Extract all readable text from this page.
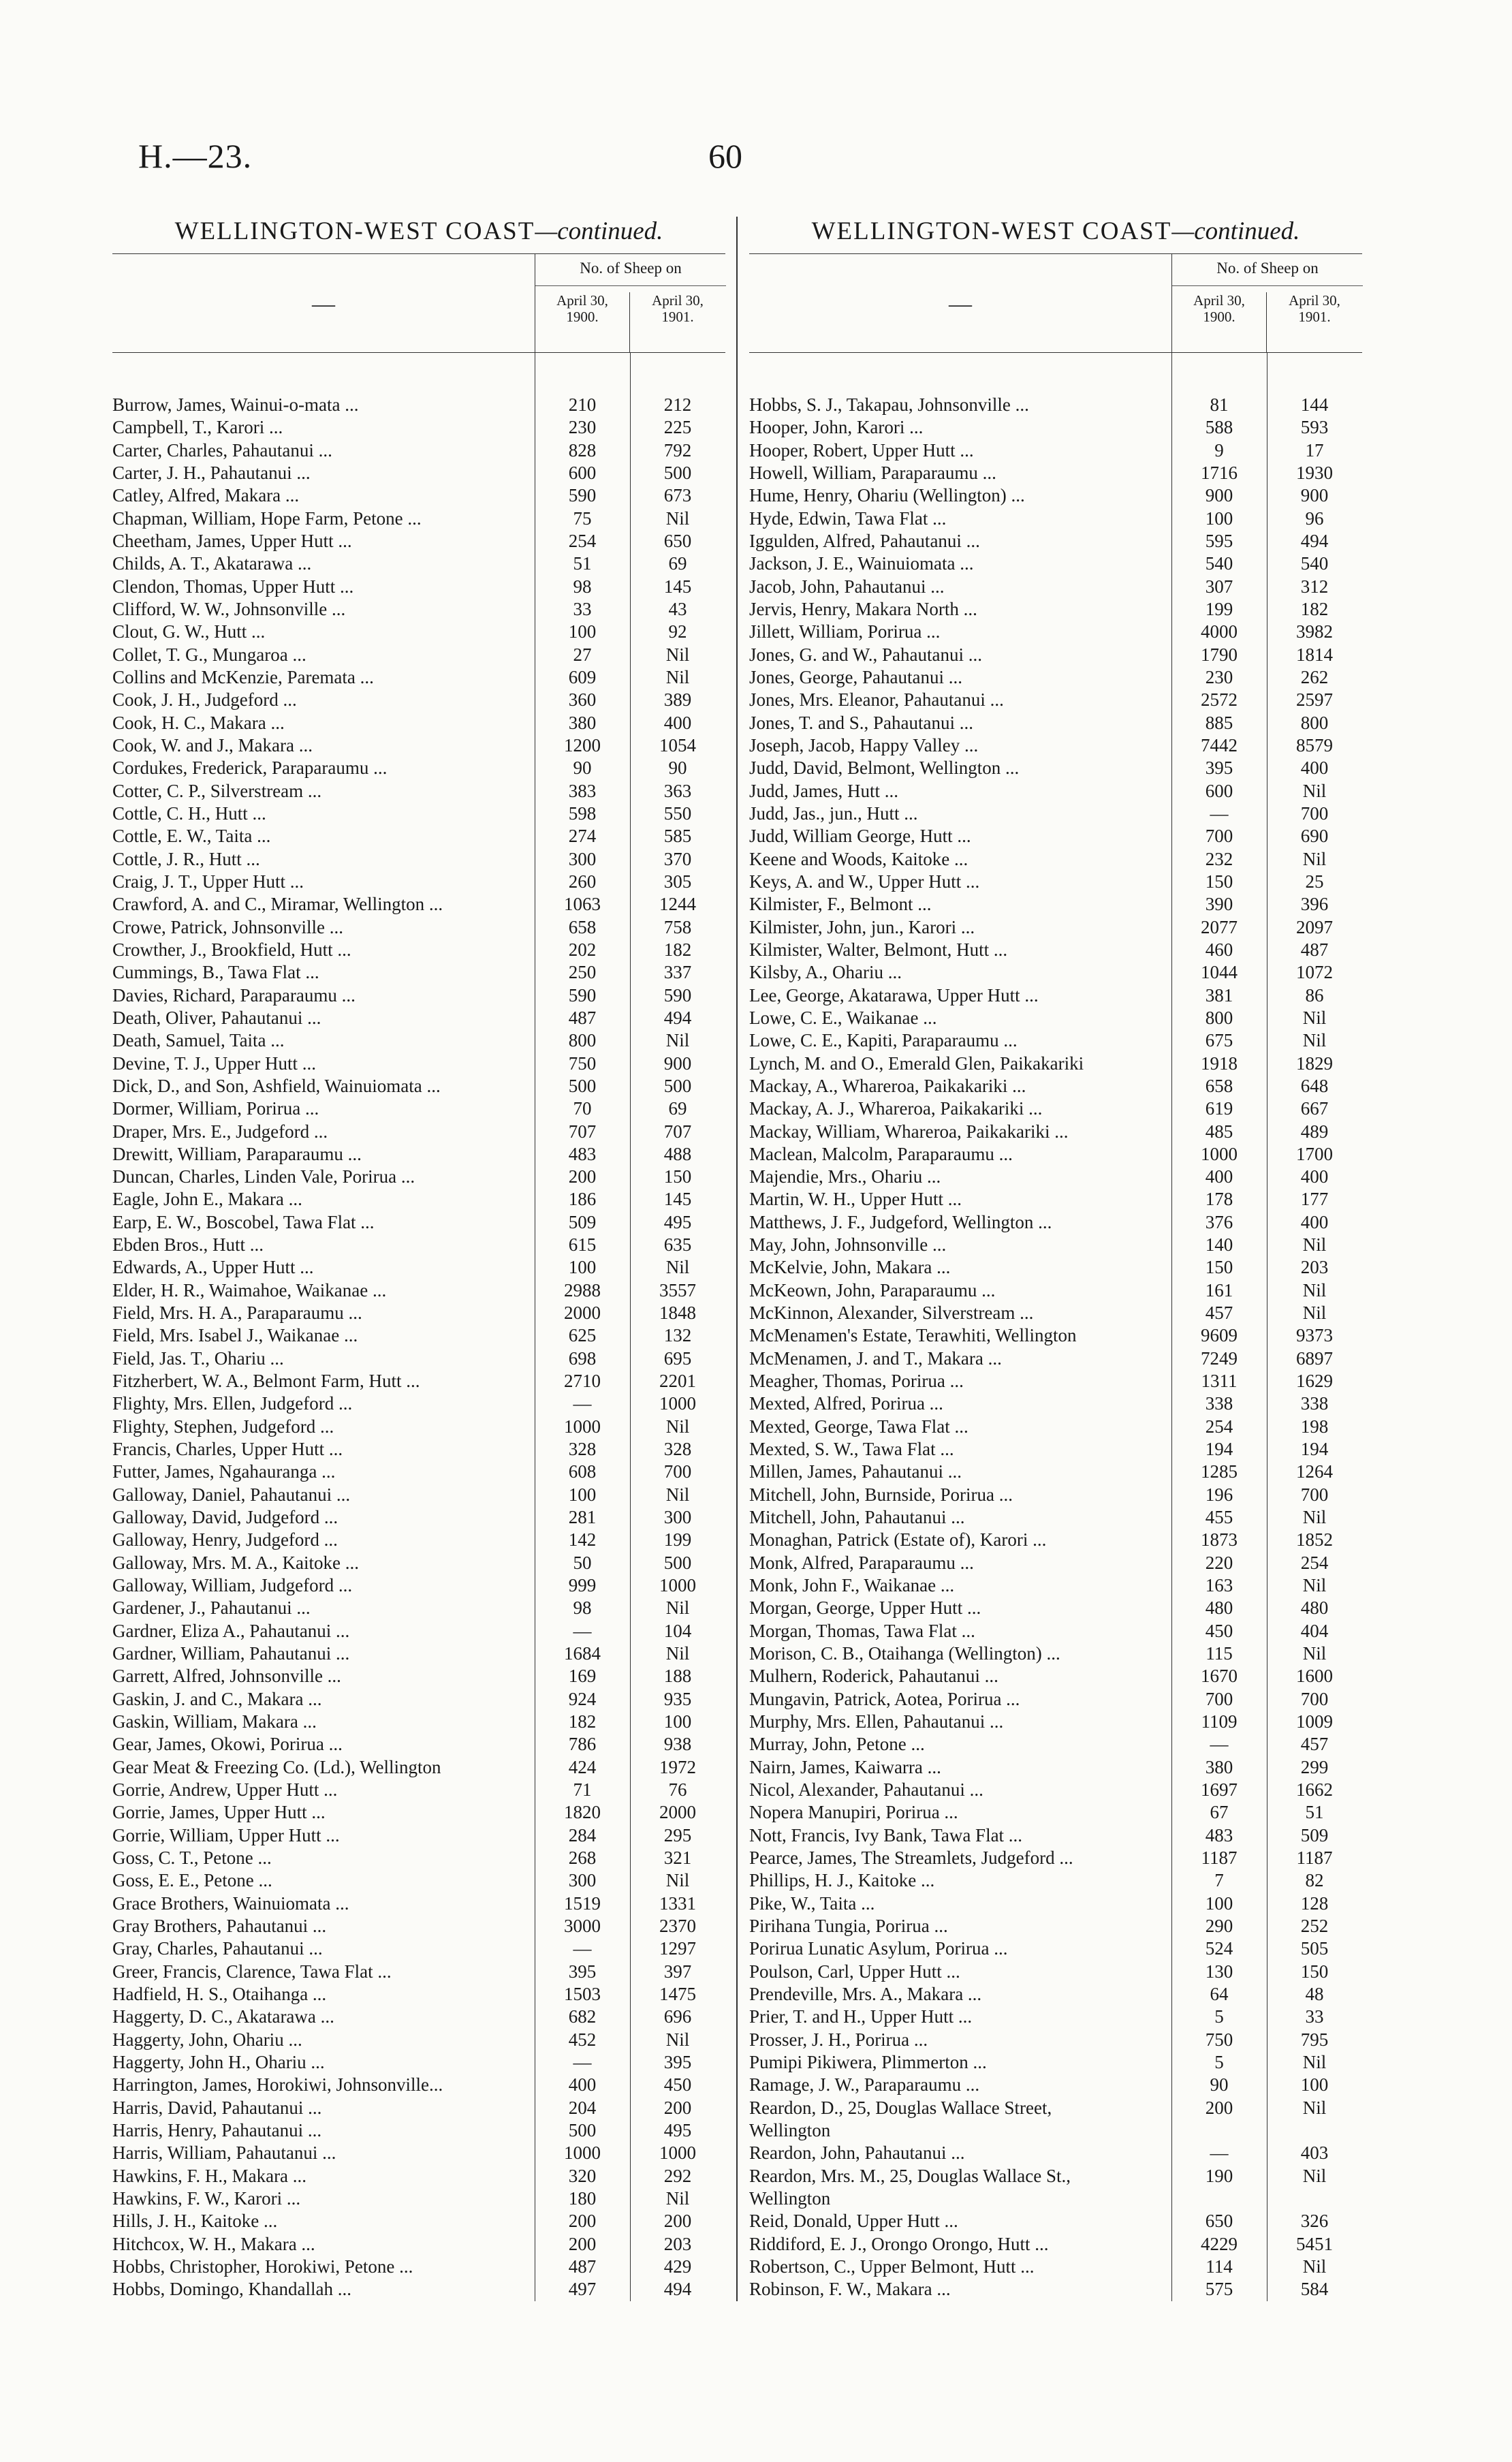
H.—23.	60
WELLINGTON-WEST COAST—continued.
—
No. of Sheep on
April 30,
1900.
April 30,
1901.
Burrow, James, Wainui-o-mata ...	210	212
Campbell, T., Karori ...	230	225
Carter, Charles, Pahautanui ...	828	792
Carter, J. H., Pahautanui ...	600	500
Catley, Alfred, Makara ...	590	673
Chapman, William, Hope Farm, Petone ...	75	Nil
Cheetham, James, Upper Hutt ...	254	650
Childs, A. T., Akatarawa ...	51	69
Clendon, Thomas, Upper Hutt ...	98	145
Clifford, W. W., Johnsonville ...	33	43
Clout, G. W., Hutt ...	100	92
Collet, T. G., Mungaroa ...	27	Nil
Collins and McKenzie, Paremata ...	609	Nil
Cook, J. H., Judgeford ...	360	389
Cook, H. C., Makara ...	380	400
Cook, W. and J., Makara ...	1200	1054
Cordukes, Frederick, Paraparaumu ...	90	90
Cotter, C. P., Silverstream ...	383	363
Cottle, C. H., Hutt ...	598	550
Cottle, E. W., Taita ...	274	585
Cottle, J. R., Hutt ...	300	370
Craig, J. T., Upper Hutt ...	260	305
Crawford, A. and C., Miramar, Wellington ...	1063	1244
Crowe, Patrick, Johnsonville ...	658	758
Crowther, J., Brookfield, Hutt ...	202	182
Cummings, B., Tawa Flat ...	250	337
Davies, Richard, Paraparaumu ...	590	590
Death, Oliver, Pahautanui ...	487	494
Death, Samuel, Taita ...	800	Nil
Devine, T. J., Upper Hutt ...	750	900
Dick, D., and Son, Ashfield, Wainuiomata ...	500	500
Dormer, William, Porirua ...	70	69
Draper, Mrs. E., Judgeford ...	707	707
Drewitt, William, Paraparaumu ...	483	488
Duncan, Charles, Linden Vale, Porirua ...	200	150
Eagle, John E., Makara ...	186	145
Earp, E. W., Boscobel, Tawa Flat ...	509	495
Ebden Bros., Hutt ...	615	635
Edwards, A., Upper Hutt ...	100	Nil
Elder, H. R., Waimahoe, Waikanae ...	2988	3557
Field, Mrs. H. A., Paraparaumu ...	2000	1848
Field, Mrs. Isabel J., Waikanae ...	625	132
Field, Jas. T., Ohariu ...	698	695
Fitzherbert, W. A., Belmont Farm, Hutt ...	2710	2201
Flighty, Mrs. Ellen, Judgeford ...	—	1000
Flighty, Stephen, Judgeford ...	1000	Nil
Francis, Charles, Upper Hutt ...	328	328
Futter, James, Ngahauranga ...	608	700
Galloway, Daniel, Pahautanui ...	100	Nil
Galloway, David, Judgeford ...	281	300
Galloway, Henry, Judgeford ...	142	199
Galloway, Mrs. M. A., Kaitoke ...	50	500
Galloway, William, Judgeford ...	999	1000
Gardener, J., Pahautanui ...	98	Nil
Gardner, Eliza A., Pahautanui ...	—	104
Gardner, William, Pahautanui ...	1684	Nil
Garrett, Alfred, Johnsonville ...	169	188
Gaskin, J. and C., Makara ...	924	935
Gaskin, William, Makara ...	182	100
Gear, James, Okowi, Porirua ...	786	938
Gear Meat & Freezing Co. (Ld.), Wellington	424	1972
Gorrie, Andrew, Upper Hutt ...	71	76
Gorrie, James, Upper Hutt ...	1820	2000
Gorrie, William, Upper Hutt ...	284	295
Goss, C. T., Petone ...	268	321
Goss, E. E., Petone ...	300	Nil
Grace Brothers, Wainuiomata ...	1519	1331
Gray Brothers, Pahautanui ...	3000	2370
Gray, Charles, Pahautanui ...	—	1297
Greer, Francis, Clarence, Tawa Flat ...	395	397
Hadfield, H. S., Otaihanga ...	1503	1475
Haggerty, D. C., Akatarawa ...	682	696
Haggerty, John, Ohariu ...	452	Nil
Haggerty, John H., Ohariu ...	—	395
Harrington, James, Horokiwi, Johnsonville...	400	450
Harris, David, Pahautanui ...	204	200
Harris, Henry, Pahautanui ...	500	495
Harris, William, Pahautanui ...	1000	1000
Hawkins, F. H., Makara ...	320	292
Hawkins, F. W., Karori ...	180	Nil
Hills, J. H., Kaitoke ...	200	200
Hitchcox, W. H., Makara ...	200	203
Hobbs, Christopher, Horokiwi, Petone ...	487	429
Hobbs, Domingo, Khandallah ...	497	494
WELLINGTON-WEST COAST—continued.
—
No. of Sheep on
April 30,
1900.
April 30,
1901.
Hobbs, S. J., Takapau, Johnsonville ...	81	144
Hooper, John, Karori ...	588	593
Hooper, Robert, Upper Hutt ...	9	17
Howell, William, Paraparaumu ...	1716	1930
Hume, Henry, Ohariu (Wellington) ...	900	900
Hyde, Edwin, Tawa Flat ...	100	96
Iggulden, Alfred, Pahautanui ...	595	494
Jackson, J. E., Wainuiomata ...	540	540
Jacob, John, Pahautanui ...	307	312
Jervis, Henry, Makara North ...	199	182
Jillett, William, Porirua ...	4000	3982
Jones, G. and W., Pahautanui ...	1790	1814
Jones, George, Pahautanui ...	230	262
Jones, Mrs. Eleanor, Pahautanui ...	2572	2597
Jones, T. and S., Pahautanui ...	885	800
Joseph, Jacob, Happy Valley ...	7442	8579
Judd, David, Belmont, Wellington ...	395	400
Judd, James, Hutt ...	600	Nil
Judd, Jas., jun., Hutt ...	—	700
Judd, William George, Hutt ...	700	690
Keene and Woods, Kaitoke ...	232	Nil
Keys, A. and W., Upper Hutt ...	150	25
Kilmister, F., Belmont ...	390	396
Kilmister, John, jun., Karori ...	2077	2097
Kilmister, Walter, Belmont, Hutt ...	460	487
Kilsby, A., Ohariu ...	1044	1072
Lee, George, Akatarawa, Upper Hutt ...	381	86
Lowe, C. E., Waikanae ...	800	Nil
Lowe, C. E., Kapiti, Paraparaumu ...	675	Nil
Lynch, M. and O., Emerald Glen, Paikakariki	1918	1829
Mackay, A., Whareroa, Paikakariki ...	658	648
Mackay, A. J., Whareroa, Paikakariki ...	619	667
Mackay, William, Whareroa, Paikakariki ...	485	489
Maclean, Malcolm, Paraparaumu ...	1000	1700
Majendie, Mrs., Ohariu ...	400	400
Martin, W. H., Upper Hutt ...	178	177
Matthews, J. F., Judgeford, Wellington ...	376	400
May, John, Johnsonville ...	140	Nil
McKelvie, John, Makara ...	150	203
McKeown, John, Paraparaumu ...	161	Nil
McKinnon, Alexander, Silverstream ...	457	Nil
McMenamen's Estate, Terawhiti, Wellington	9609	9373
McMenamen, J. and T., Makara ...	7249	6897
Meagher, Thomas, Porirua ...	1311	1629
Mexted, Alfred, Porirua ...	338	338
Mexted, George, Tawa Flat ...	254	198
Mexted, S. W., Tawa Flat ...	194	194
Millen, James, Pahautanui ...	1285	1264
Mitchell, John, Burnside, Porirua ...	196	700
Mitchell, John, Pahautanui ...	455	Nil
Monaghan, Patrick (Estate of), Karori ...	1873	1852
Monk, Alfred, Paraparaumu ...	220	254
Monk, John F., Waikanae ...	163	Nil
Morgan, George, Upper Hutt ...	480	480
Morgan, Thomas, Tawa Flat ...	450	404
Morison, C. B., Otaihanga (Wellington) ...	115	Nil
Mulhern, Roderick, Pahautanui ...	1670	1600
Mungavin, Patrick, Aotea, Porirua ...	700	700
Murphy, Mrs. Ellen, Pahautanui ...	1109	1009
Murray, John, Petone ...	—	457
Nairn, James, Kaiwarra ...	380	299
Nicol, Alexander, Pahautanui ...	1697	1662
Nopera Manupiri, Porirua ...	67	51
Nott, Francis, Ivy Bank, Tawa Flat ...	483	509
Pearce, James, The Streamlets, Judgeford ...	1187	1187
Phillips, H. J., Kaitoke ...	7	82
Pike, W., Taita ...	100	128
Pirihana Tungia, Porirua ...	290	252
Porirua Lunatic Asylum, Porirua ...	524	505
Poulson, Carl, Upper Hutt ...	130	150
Prendeville, Mrs. A., Makara ...	64	48
Prier, T. and H., Upper Hutt ...	5	33
Prosser, J. H., Porirua ...	750	795
Pumipi Pikiwera, Plimmerton ...	5	Nil
Ramage, J. W., Paraparaumu ...	90	100
Reardon, D., 25, Douglas Wallace Street,	200	Nil
Wellington
Reardon, John, Pahautanui ...	—	403
Reardon, Mrs. M., 25, Douglas Wallace St.,	190	Nil
Wellington
Reid, Donald, Upper Hutt ...	650	326
Riddiford, E. J., Orongo Orongo, Hutt ...	4229	5451
Robertson, C., Upper Belmont, Hutt ...	114	Nil
Robinson, F. W., Makara ...	575	584
